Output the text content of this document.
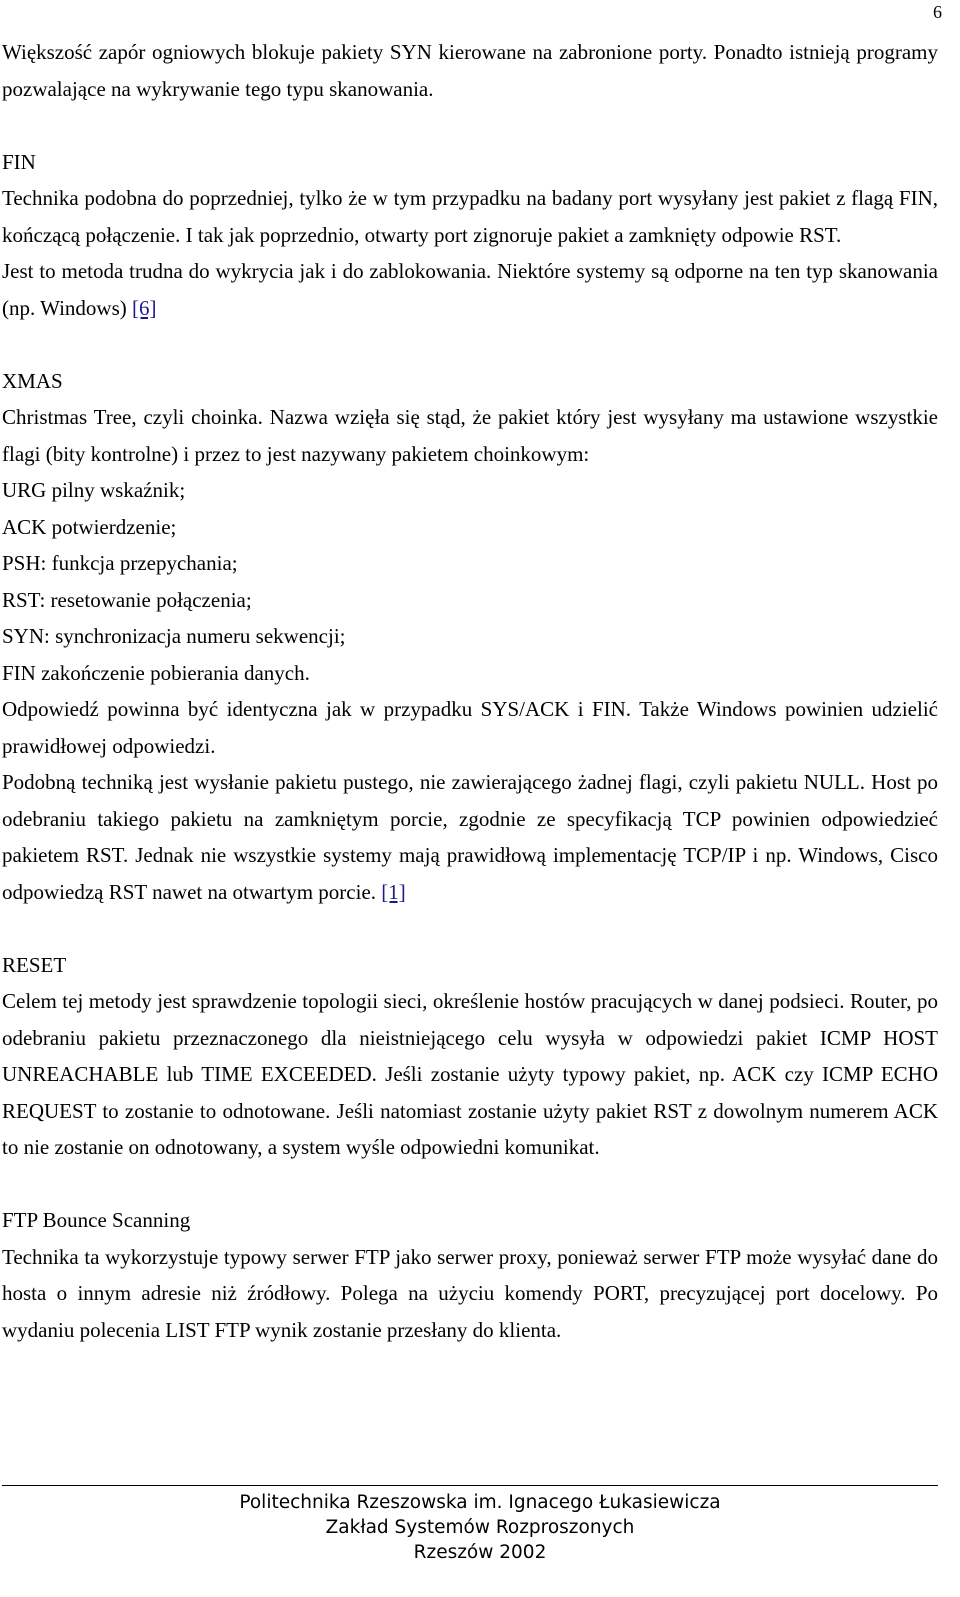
6

Większość zapór ogniowych blokuje pakiety SYN kierowane na zabronione porty. Ponadto istnieją programy pozwalające na wykrywanie tego typu skanowania.

FIN

Technika podobna do poprzedniej, tylko że w tym przypadku na badany port wysyłany jest pakiet z flagą FIN, kończącą połączenie. I tak jak poprzednio, otwarty port zignoruje pakiet a zamknięty odpowie RST.

Jest to metoda trudna do wykrycia jak i do zablokowania. Niektóre systemy są odporne na ten typ skanowania (np. Windows) [6]

XMAS

Christmas Tree, czyli choinka. Nazwa wzięła się stąd, że pakiet który jest wysyłany ma ustawione wszystkie flagi (bity kontrolne) i przez to jest nazywany pakietem choinkowym:

URG pilny wskaźnik;

ACK potwierdzenie;

PSH: funkcja przepychania;

RST: resetowanie połączenia;

SYN: synchronizacja numeru sekwencji;

FIN zakończenie pobierania danych.

Odpowiedź powinna być identyczna jak w przypadku SYS/ACK i FIN. Także Windows powinien udzielić prawidłowej odpowiedzi.

Podobną techniką jest wysłanie pakietu pustego, nie zawierającego żadnej flagi, czyli pakietu NULL. Host po odebraniu takiego pakietu na zamkniętym porcie, zgodnie ze specyfikacją TCP powinien odpowiedzieć pakietem RST. Jednak nie wszystkie systemy mają prawidłową implementację TCP/IP i np. Windows, Cisco odpowiedzą RST nawet na otwartym porcie. [1]

RESET

Celem tej metody jest sprawdzenie topologii sieci, określenie hostów pracujących w danej podsieci. Router, po odebraniu pakietu przeznaczonego dla nieistniejącego celu wysyła w odpowiedzi pakiet ICMP HOST UNREACHABLE lub TIME EXCEEDED. Jeśli zostanie użyty typowy pakiet, np. ACK czy ICMP ECHO REQUEST to zostanie to odnotowane. Jeśli natomiast zostanie użyty pakiet RST z dowolnym numerem ACK to nie zostanie on odnotowany, a system wyśle odpowiedni komunikat.

FTP Bounce Scanning

Technika ta wykorzystuje typowy serwer FTP jako serwer proxy, ponieważ serwer FTP może wysyłać dane do hosta o innym adresie niż źródłowy. Polega na użyciu komendy PORT, precyzującej port docelowy. Po wydaniu polecenia LIST FTP wynik zostanie przesłany do klienta.

Politechnika Rzeszowska im. Ignacego Łukasiewicza
Zakład Systemów Rozproszonych
Rzeszów 2002
